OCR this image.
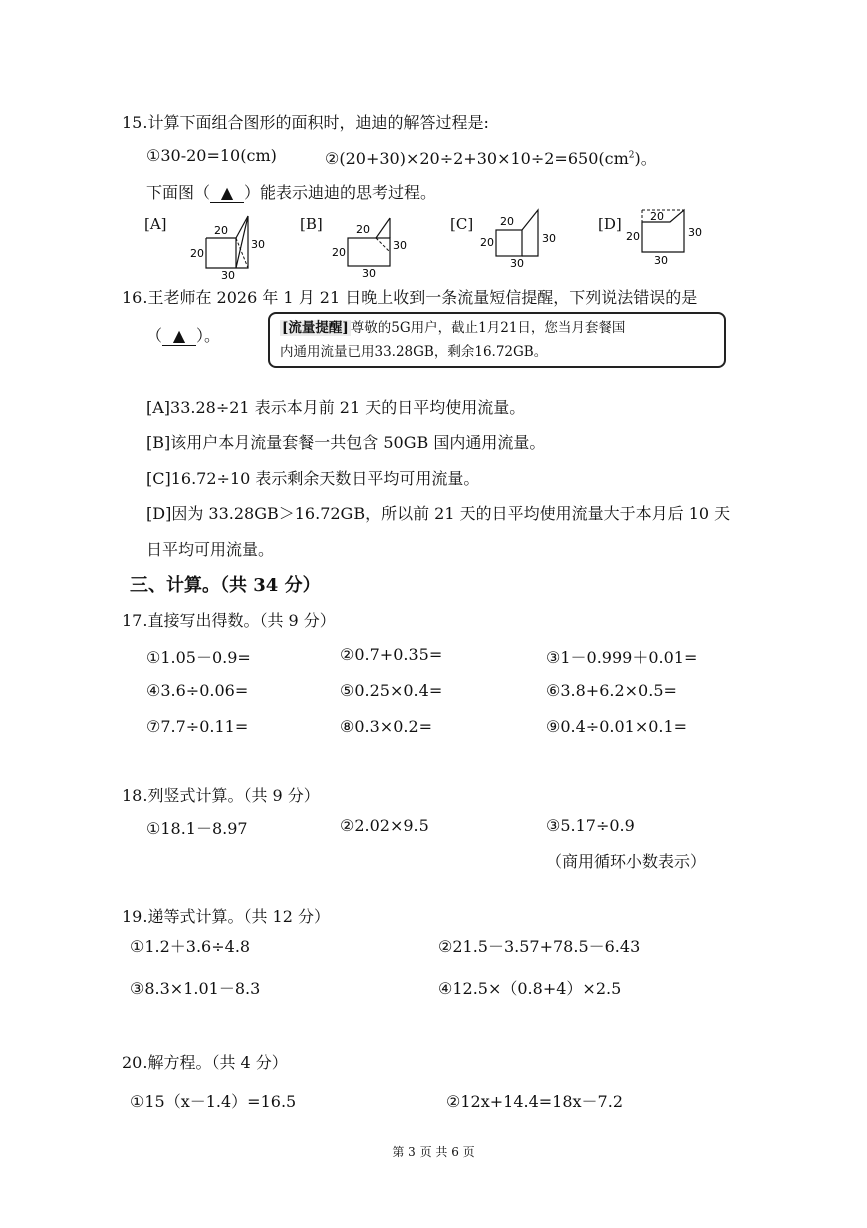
15.计算下面组合图形的面积时，迪迪的解答过程是:
①30-20=10(cm)	$②(20+30)\times 20\div 2+30\times 10\div 2=650(cm^2)$。
下面图（ ▲ ）能表示迪迪的思考过程。
[A]	[B]	[C]	[D]
20
30
20
30
20
30
20
30
20
30
20
30
20
30
20
30
16.王老师在 2026 年 1 月 21 日晚上收到一条流量短信提醒，下列说法错误的是
（ ▲ ）。	[流量提醒] 尊敬的5G用户，截止1月21日，您当月套餐国
内通用流量已用33.28GB，剩余16.72GB。
[A]33.28÷21 表示本月前 21 天的日平均使用流量。
[B]该用户本月流量套餐一共包含 50GB 国内通用流量。
[C]16.72÷10 表示剩余天数日平均可用流量。
[D]因为 33.28GB＞16.72GB，所以前 21 天的日平均使用流量大于本月后 10 天
日平均可用流量。
三、计算。（共 34 分）
17.直接写出得数。（共 9 分）
①1.05－0.9=	②0.7+0.35=	③1－0.999＋0.01=
④3.6÷0.06=	⑤0.25×0.4=	⑥3.8+6.2×0.5=
⑦7.7÷0.11=	⑧0.3×0.2=	⑨0.4÷0.01×0.1=
18.列竖式计算。（共 9 分）
①18.1－8.97	②2.02×9.5	③5.17÷0.9
（商用循环小数表示）
19.递等式计算。（共 12 分）
①1.2＋3.6÷4.8	②21.5－3.57+78.5－6.43
③8.3×1.01－8.3	④12.5×（0.8+4）×2.5
20.解方程。（共 4 分）
①15（x－1.4）=16.5	②12x+14.4=18x－7.2
第 3 页 共 6 页
